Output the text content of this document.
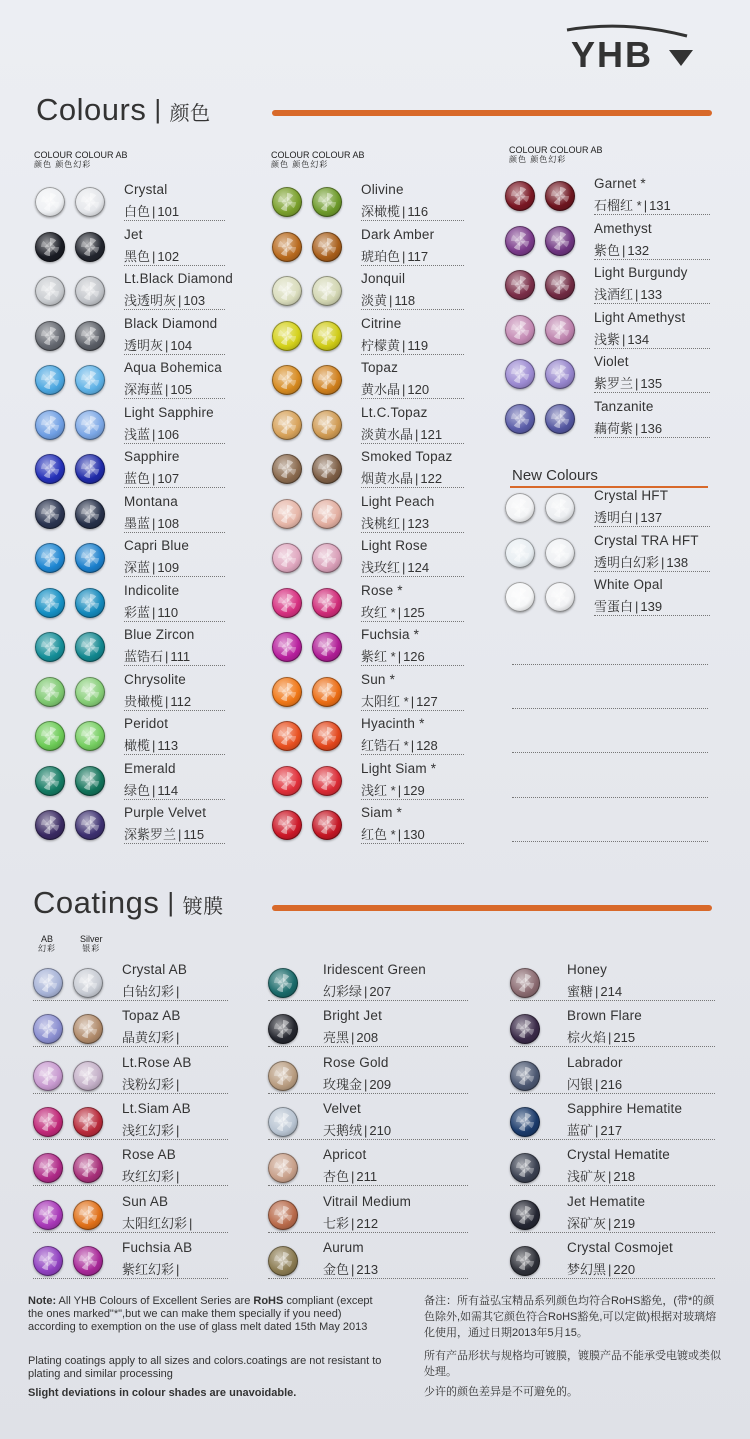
YHB
Colours | 颜色
COLOUR COLOUR AB
颜色 颜色幻彩
COLOUR COLOUR AB
颜色 颜色幻彩
COLOUR COLOUR AB
颜色 颜色幻彩
Crystal
白色 | 101
Jet
黑色 | 102
Lt.Black Diamond
浅透明灰 | 103
Black Diamond
透明灰 | 104
Aqua Bohemica
深海蓝 | 105
Light Sapphire
浅蓝 | 106
Sapphire
蓝色 | 107
Montana
墨蓝 | 108
Capri Blue
深蓝 | 109
Indicolite
彩蓝 | 110
Blue Zircon
蓝锆石 | 111
Chrysolite
贵橄榄 | 112
Peridot
橄榄 | 113
Emerald
绿色 | 114
Purple Velvet
深紫罗兰 | 115
Olivine
深橄榄 | 116
Dark Amber
琥珀色 | 117
Jonquil
淡黄 | 118
Citrine
柠檬黄 | 119
Topaz
黄水晶 | 120
Lt.C.Topaz
淡黄水晶 | 121
Smoked Topaz
烟黄水晶 | 122
Light Peach
浅桃红 | 123
Light Rose
浅玫红 | 124
Rose *
玫红 * | 125
Fuchsia *
紫红 * | 126
Sun *
太阳红 * | 127
Hyacinth *
红锆石 * | 128
Light Siam *
浅红 * | 129
Siam *
红色 * | 130
Garnet *
石榴红 * | 131
Amethyst
紫色 | 132
Light Burgundy
浅酒红 | 133
Light Amethyst
浅紫 | 134
Violet
紫罗兰 | 135
Tanzanite
藕荷紫 | 136
New Colours
Crystal HFT
透明白 | 137
Crystal TRA HFT
透明白幻彩 | 138
White Opal
雪蛋白 | 139
Coatings | 镀膜
AB
幻彩
Silver
银彩
Crystal AB
白钻幻彩 |
Topaz AB
晶黄幻彩 |
Lt.Rose AB
浅粉幻彩 |
Lt.Siam AB
浅红幻彩 |
Rose AB
玫红幻彩 |
Sun AB
太阳红幻彩 |
Fuchsia AB
紫红幻彩 |
Iridescent Green
幻彩绿 | 207
Bright Jet
亮黑 | 208
Rose Gold
玫瑰金 | 209
Velvet
天鹅绒 | 210
Apricot
杏色 | 211
Vitrail Medium
七彩 | 212
Aurum
金色 | 213
Honey
蜜糖 | 214
Brown Flare
棕火焰 | 215
Labrador
闪银 | 216
Sapphire Hematite
蓝矿 | 217
Crystal Hematite
浅矿灰 | 218
Jet Hematite
深矿灰 | 219
Crystal Cosmojet
梦幻黑 | 220
Note: All YHB Colours of Excellent Series are RoHS compliant (except the ones marked"*",but we can make them specially if you need) according to exemption on the use of glass melt dated 15th May 2013
Plating coatings apply to all sizes and colors.coatings are not resistant to plating and similar processing
Slight deviations in colour shades are unavoidable.
备注：所有益弘宝精品系列颜色均符合RoHS豁免，(带*的颜色除外,如需其它颜色符合RoHS豁免,可以定做)根据对玻璃熔化使用，通过日期2013年5月15。
所有产品形状与规格均可镀膜，镀膜产品不能承受电镀或类似处理。
少许的颜色差异是不可避免的。
